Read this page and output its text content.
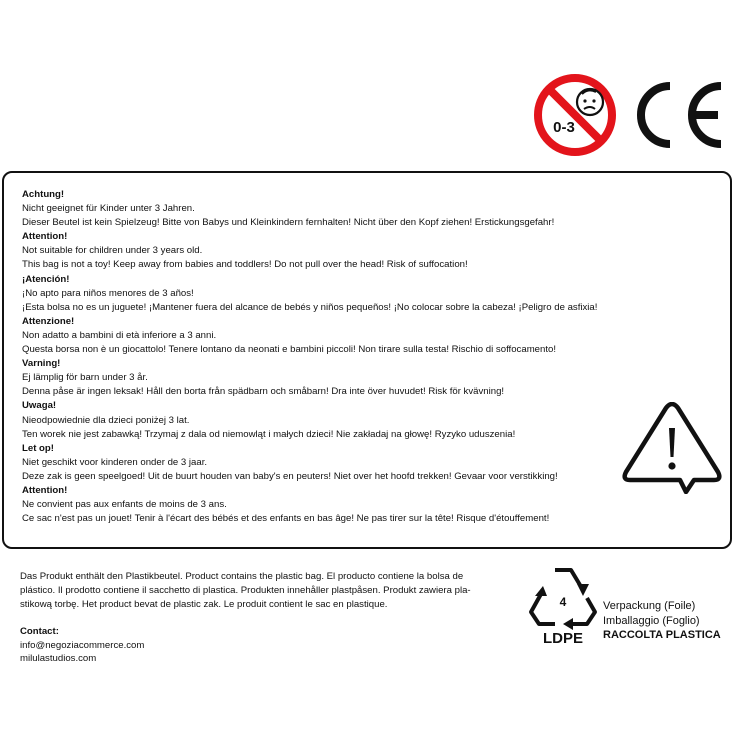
0-3
Achtung!
Nicht geeignet für Kinder unter 3 Jahren.
Dieser Beutel ist kein Spielzeug! Bitte von Babys und Kleinkindern fernhalten! Nicht über den Kopf ziehen! Erstickungsgefahr!
Attention!
Not suitable for children under 3 years old.
This bag is not a toy! Keep away from babies and toddlers! Do not pull over the head! Risk of suffocation!
¡Atención!
¡No apto para niños menores de 3 años!
¡Esta bolsa no es un juguete! ¡Mantener fuera del alcance de bebés y niños pequeños! ¡No colocar sobre la cabeza! ¡Peligro de asfixia!
Attenzione!
Non adatto a bambini di età inferiore a 3 anni.
Questa borsa non è un giocattolo! Tenere lontano da neonati e bambini piccoli! Non tirare sulla testa! Rischio di soffocamento!
Varning!
Ej lämplig för barn under 3 år.
Denna påse är ingen leksak! Håll den borta från spädbarn och småbarn! Dra inte över huvudet! Risk för kvävning!
Uwaga!
Nieodpowiednie dla dzieci poniżej 3 lat.
Ten worek nie jest zabawką! Trzymaj z dala od niemowląt i małych dzieci! Nie zakładaj na głowę! Ryzyko uduszenia!
Let op!
Niet geschikt voor kinderen onder de 3 jaar.
Deze zak is geen speelgoed! Uit de buurt houden van baby's en peuters! Niet over het hoofd trekken! Gevaar voor verstikking!
Attention!
Ne convient pas aux enfants de moins de 3 ans.
Ce sac n'est pas un jouet! Tenir à l'écart des bébés et des enfants en bas âge! Ne pas tirer sur la tête! Risque d'étouffement!
Das Produkt enthält den Plastikbeutel. Product contains the plastic bag. El producto contiene la bolsa de
plástico. Il prodotto contiene il sacchetto di plastica. Produkten innehåller plastpåsen. Produkt zawiera pla-
stikową torbę. Het product bevat de plastic zak. Le produit contient le sac en plastique.
Contact:
info@negoziacommerce.com
milulastudios.com
4
LDPE
Verpackung (Foile)
Imballaggio (Foglio)
RACCOLTA PLASTICA
